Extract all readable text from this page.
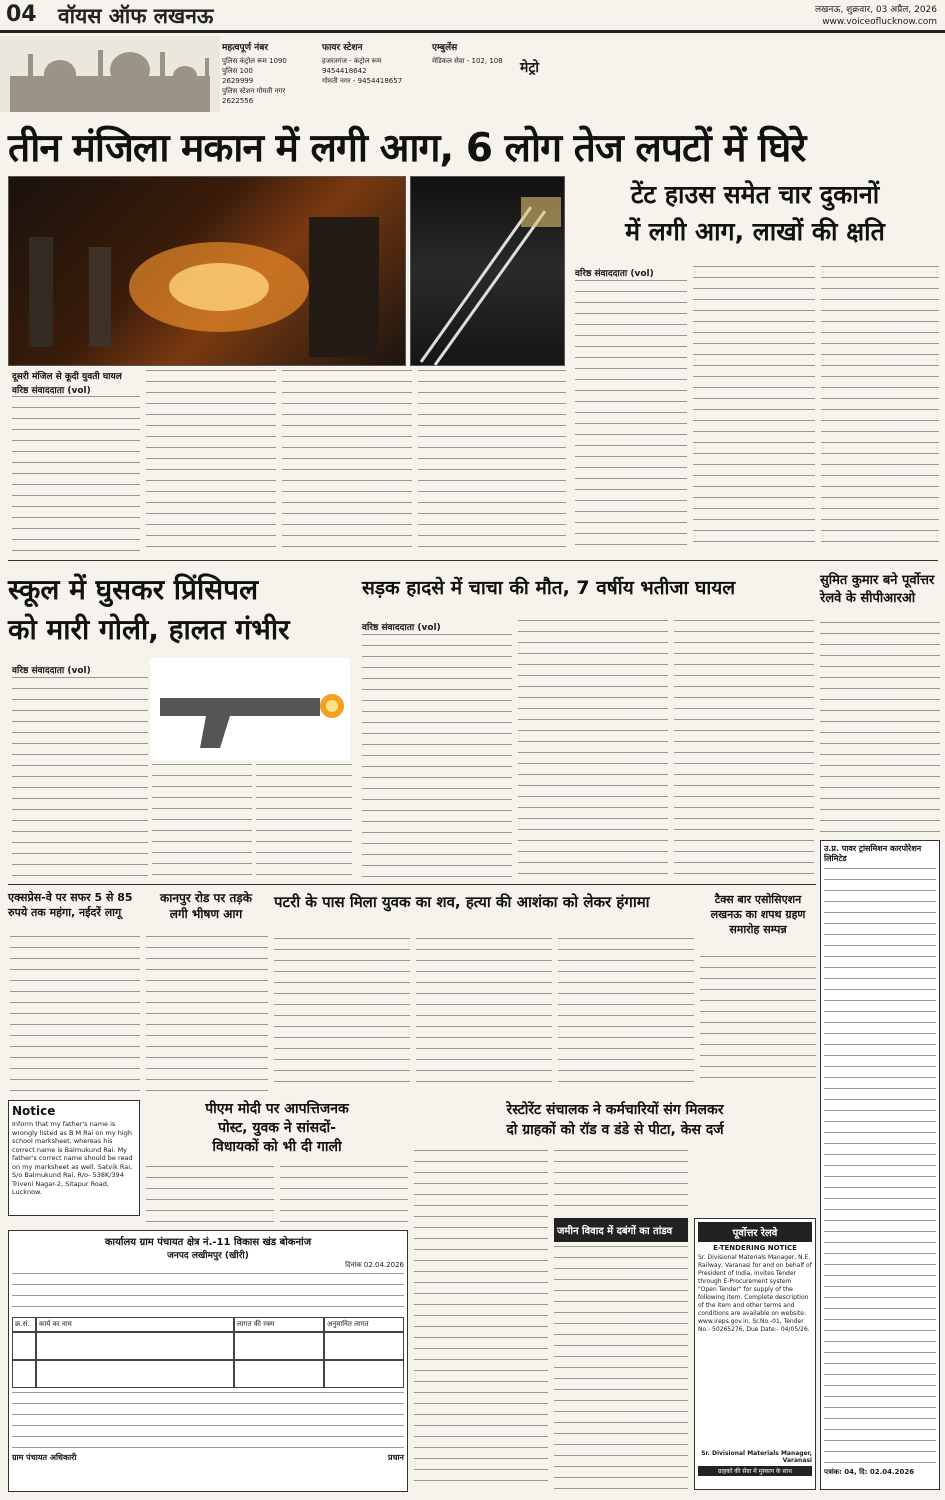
04 वॉयस ऑफ लखनऊ	लखनऊ, शुक्रवार, 03 अप्रैल, 2026
www.voiceoflucknow.com
महत्वपूर्ण नंबर
पुलिस कंट्रोल रूम 1090
पुलिस 100
2629999
पुलिस स्टेशन गोमती नगर 2622556
फायर स्टेशन
हजरतगंज - कंट्रोल रूम
9454418642
गोमती नगर - 9454418657
एम्बुलेंस
मेडिकल सेवा - 102, 108	मेट्रो
तीन मंजिला मकान में लगी आग, 6 लोग तेज लपटों में घिरे
दूसरी मंजिल से कूदी युवती घायल
वरिष्ठ संवाददाता (vol)
टेंट हाउस समेत चार दुकानों
में लगी आग, लाखों की क्षति
वरिष्ठ संवाददाता (vol)
स्कूल में घुसकर प्रिंसिपल
को मारी गोली, हालत गंभीर
वरिष्ठ संवाददाता (vol)
सड़क हादसे में चाचा की मौत, 7 वर्षीय भतीजा घायल
वरिष्ठ संवाददाता (vol)
सुमित कुमार बने पूर्वोत्तर
रेलवे के सीपीआरओ
उ.प्र. पावर ट्रांसमिशन कारपोरेशन लिमिटेड
पत्रांक: 04, दि: 02.04.2026
एक्सप्रेस-वे पर सफर 5 से 85
रुपये तक महंगा, नईदरें लागू
कानपुर रोड पर तड़के
लगी भीषण आग
पटरी के पास मिला युवक का शव, हत्या की आशंका को लेकर हंगामा	टैक्स बार एसोसिएशन
लखनऊ का शपथ ग्रहण
समारोह सम्पन्न
Notice
Inform that my father's name is wrongly listed as B M Rai on my high school marksheet, whereas his correct name is Balmukund Rai. My father's correct name should be read on my marksheet as well. Satvik Rai, S/o Balmukund Rai, R/o- 538K/394 Triveni Nagar-2, Sitapur Road, Lucknow.
पीएम मोदी पर आपत्तिजनक
पोस्ट, युवक ने सांसदों-
विधायकों को भी दी गाली
रेस्टोरेंट संचालक ने कर्मचारियों संग मिलकर
दो ग्राहकों को रॉड व डंडे से पीटा, केस दर्ज
कार्यालय ग्राम पंचायत क्षेत्र नं.-11 विकास खंड बोकनांज
जनपद लखीमपुर (खीरी)
दिनांक 02.04.2026
क्र.सं.	कार्य का नाम	लागत की रक्म	अनुमानित लागत
ग्राम पंचायत अधिकारी	प्रधान
जमीन विवाद में दबंगों का तांडव	पूर्वोत्तर रेलवे
E-TENDERING NOTICE
Sr. Divisional Materials Manager, N.E. Railway, Varanasi for and on behalf of President of India, invites Tender through E-Procurement system "Open Tender" for supply of the following item. Complete description of the item and other terms and conditions are available on website: www.ireps.gov.in. Sr.No.-01, Tender No.- 50265276, Due Date:- 04/05/26.
Sr. Divisional Materials Manager, Varanasi
ग्राहकों की सेवा में मुस्कान के साथ
